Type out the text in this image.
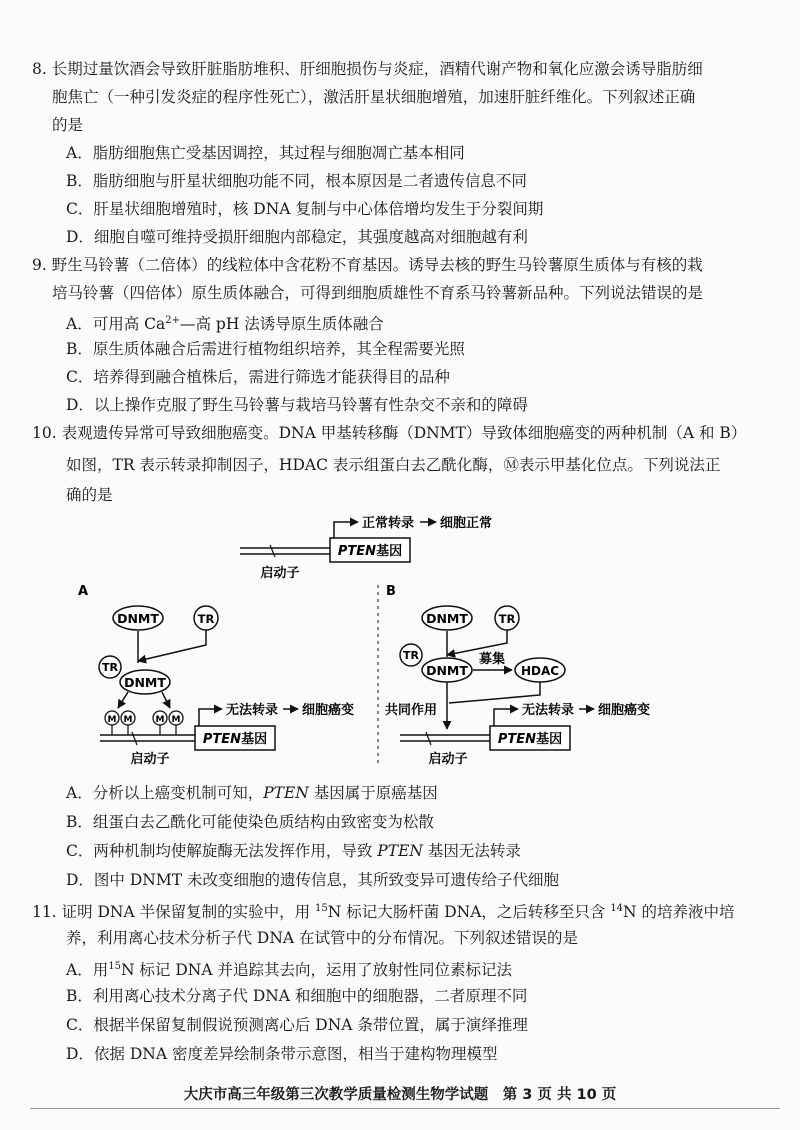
8. 长期过量饮酒会导致肝脏脂肪堆积、肝细胞损伤与炎症，酒精代谢产物和氧化应激会诱导脂肪细
胞焦亡（一种引发炎症的程序性死亡），激活肝星状细胞增殖，加速肝脏纤维化。下列叙述正确
的是
A．脂肪细胞焦亡受基因调控，其过程与细胞凋亡基本相同
B．脂肪细胞与肝星状细胞功能不同，根本原因是二者遗传信息不同
C．肝星状细胞增殖时，核 DNA 复制与中心体倍增均发生于分裂间期
D．细胞自噬可维持受损肝细胞内部稳定，其强度越高对细胞越有利
9. 野生马铃薯（二倍体）的线粒体中含花粉不育基因。诱导去核的野生马铃薯原生质体与有核的栽
培马铃薯（四倍体）原生质体融合，可得到细胞质雄性不育系马铃薯新品种。下列说法错误的是
A．可用高 $Ca^{2+}—$高 pH 法诱导原生质体融合
B．原生质体融合后需进行植物组织培养，其全程需要光照
C．培养得到融合植株后，需进行筛选才能获得目的品种
D．以上操作克服了野生马铃薯与栽培马铃薯有性杂交不亲和的障碍
10. 表观遗传异常可导致细胞癌变。DNA 甲基转移酶（DNMT）导致体细胞癌变的两种机制（A 和 B）
如图，TR 表示转录抑制因子，HDAC 表示组蛋白去乙酰化酶，Ⓜ表示甲基化位点。下列说法正
确的是
PTEN基因
正常转录 细胞正常
启动子
A
DNMT	TR
TR
DNMT
M M	M M
PTEN基因
无法转录 细胞癌变
启动子
B
DNMT	TR
TR
DNMT
募集
HDAC
共同作用
PTEN基因
无法转录 细胞癌变
启动子
A．分析以上癌变机制可知，PTEN 基因属于原癌基因
B．组蛋白去乙酰化可能使染色质结构由致密变为松散
C．两种机制均使解旋酶无法发挥作用，导致 PTEN 基因无法转录
D．图中 DNMT 未改变细胞的遗传信息，其所致变异可遗传给子代细胞
11. 证明 DNA 半保留复制的实验中，用 $^{15}$N 标记大肠杆菌 DNA，之后转移至只含 $^{14}$N 的培养液中培
养，利用离心技术分析子代 DNA 在试管中的分布情况。下列叙述错误的是
A．用$^{15}$N 标记 DNA 并追踪其去向，运用了放射性同位素标记法
B．利用离心技术分离子代 DNA 和细胞中的细胞器，二者原理不同
C．根据半保留复制假说预测离心后 DNA 条带位置，属于演绎推理
D．依据 DNA 密度差异绘制条带示意图，相当于建构物理模型
大庆市高三年级第三次教学质量检测生物学试题　第 3 页 共 10 页
